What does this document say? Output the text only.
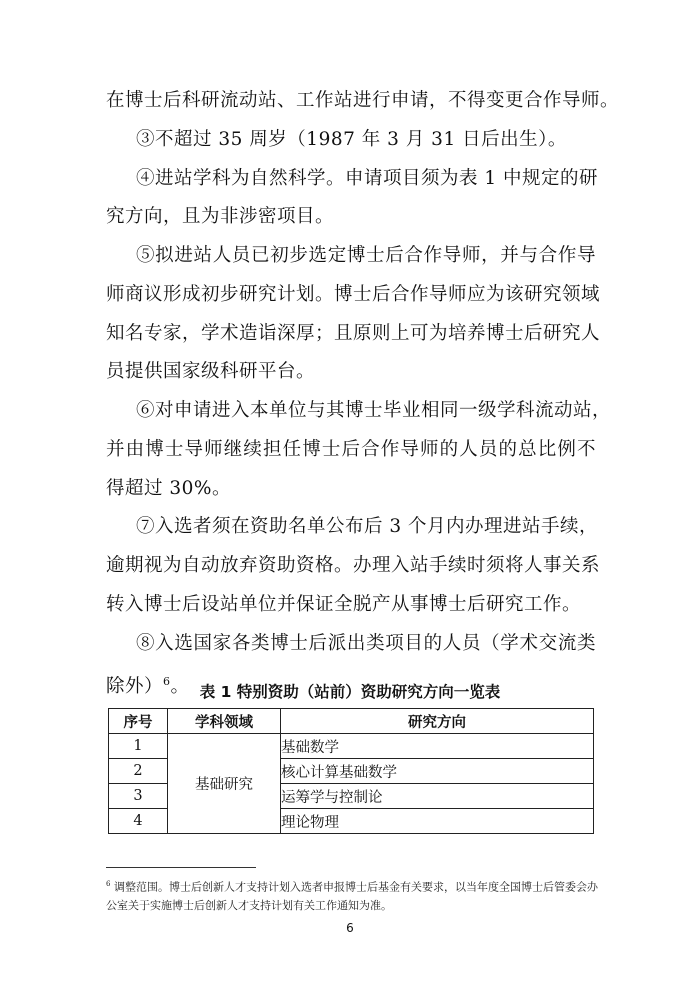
在博士后科研流动站、工作站进行申请，不得变更合作导师。
③不超过 35 周岁（1987 年 3 月 31 日后出生）。
④进站学科为自然科学。申请项目须为表 1 中规定的研
究方向，且为非涉密项目。
⑤拟进站人员已初步选定博士后合作导师，并与合作导
师商议形成初步研究计划。博士后合作导师应为该研究领域
知名专家，学术造诣深厚；且原则上可为培养博士后研究人
员提供国家级科研平台。
⑥对申请进入本单位与其博士毕业相同一级学科流动站，
并由博士导师继续担任博士后合作导师的人员的总比例不
得超过 30%。
⑦入选者须在资助名单公布后 3 个月内办理进站手续，
逾期视为自动放弃资助资格。办理入站手续时须将人事关系
转入博士后设站单位并保证全脱产从事博士后研究工作。
⑧入选国家各类博士后派出类项目的人员（学术交流类
除外）$^6$。 表 1 特别资助（站前）资助研究方向一览表
序号	学科领域	研究方向
1	基础研究	基础数学
2		核心计算基础数学
3		运筹学与控制论
4		理论物理
$^6$ 调整范围。博士后创新人才支持计划入选者申报博士后基金有关要求，以当年度全国博士后管委会办公室关于实施博士后创新人才支持计划有关工作通知为准。
6
